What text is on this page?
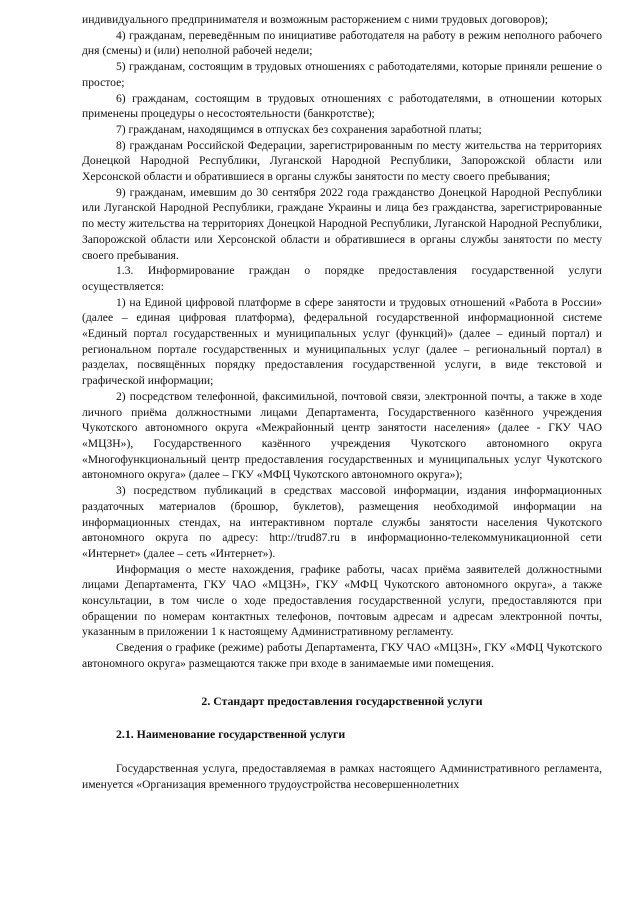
индивидуального предпринимателя и возможным расторжением с ними трудовых договоров);

4) гражданам, переведённым по инициативе работодателя на работу в режим неполного рабочего дня (смены) и (или) неполной рабочей недели;

5) гражданам, состоящим в трудовых отношениях с работодателями, которые приняли решение о простое;

6) гражданам, состоящим в трудовых отношениях с работодателями, в отношении которых применены процедуры о несостоятельности (банкротстве);

7) гражданам, находящимся в отпусках без сохранения заработной платы;

8) гражданам Российской Федерации, зарегистрированным по месту жительства на территориях Донецкой Народной Республики, Луганской Народной Республики, Запорожской области или Херсонской области и обратившиеся в органы службы занятости по месту своего пребывания;

9) гражданам, имевшим до 30 сентября 2022 года гражданство Донецкой Народной Республики или Луганской Народной Республики, граждане Украины и лица без гражданства, зарегистрированные по месту жительства на территориях Донецкой Народной Республики, Луганской Народной Республики, Запорожской области или Херсонской области и обратившиеся в органы службы занятости по месту своего пребывания.

1.3. Информирование граждан о порядке предоставления государственной услуги осуществляется:

1) на Единой цифровой платформе в сфере занятости и трудовых отношений «Работа в России» (далее – единая цифровая платформа), федеральной государственной информационной системе «Единый портал государственных и муниципальных услуг (функций)» (далее – единый портал) и региональном портале государственных и муниципальных услуг (далее – региональный портал) в разделах, посвящённых порядку предоставления государственной услуги, в виде текстовой и графической информации;

2) посредством телефонной, факсимильной, почтовой связи, электронной почты, а также в ходе личного приёма должностными лицами Департамента, Государственного казённого учреждения Чукотского автономного округа «Межрайонный центр занятости населения» (далее - ГКУ ЧАО «МЦЗН»), Государственного казённого учреждения Чукотского автономного округа «Многофункциональный центр предоставления государственных и муниципальных услуг Чукотского автономного округа» (далее – ГКУ «МФЦ Чукотского автономного округа»);

3) посредством публикаций в средствах массовой информации, издания информационных раздаточных материалов (брошюр, буклетов), размещения необходимой информации на информационных стендах, на интерактивном портале службы занятости населения Чукотского автономного округа по адресу: http://trud87.ru в информационно-телекоммуникационной сети «Интернет» (далее – сеть «Интернет»).

Информация о месте нахождения, графике работы, часах приёма заявителей должностными лицами Департамента, ГКУ ЧАО «МЦЗН», ГКУ «МФЦ Чукотского автономного округа», а также консультации, в том числе о ходе предоставления государственной услуги, предоставляются при обращении по номерам контактных телефонов, почтовым адресам и адресам электронной почты, указанным в приложении 1 к настоящему Административному регламенту.

Сведения о графике (режиме) работы Департамента, ГКУ ЧАО «МЦЗН», ГКУ «МФЦ Чукотского автономного округа» размещаются также при входе в занимаемые ими помещения.

2. Стандарт предоставления государственной услуги

2.1. Наименование государственной услуги

Государственная услуга, предоставляемая в рамках настоящего Административного регламента, именуется «Организация временного трудоустройства несовершеннолетних
